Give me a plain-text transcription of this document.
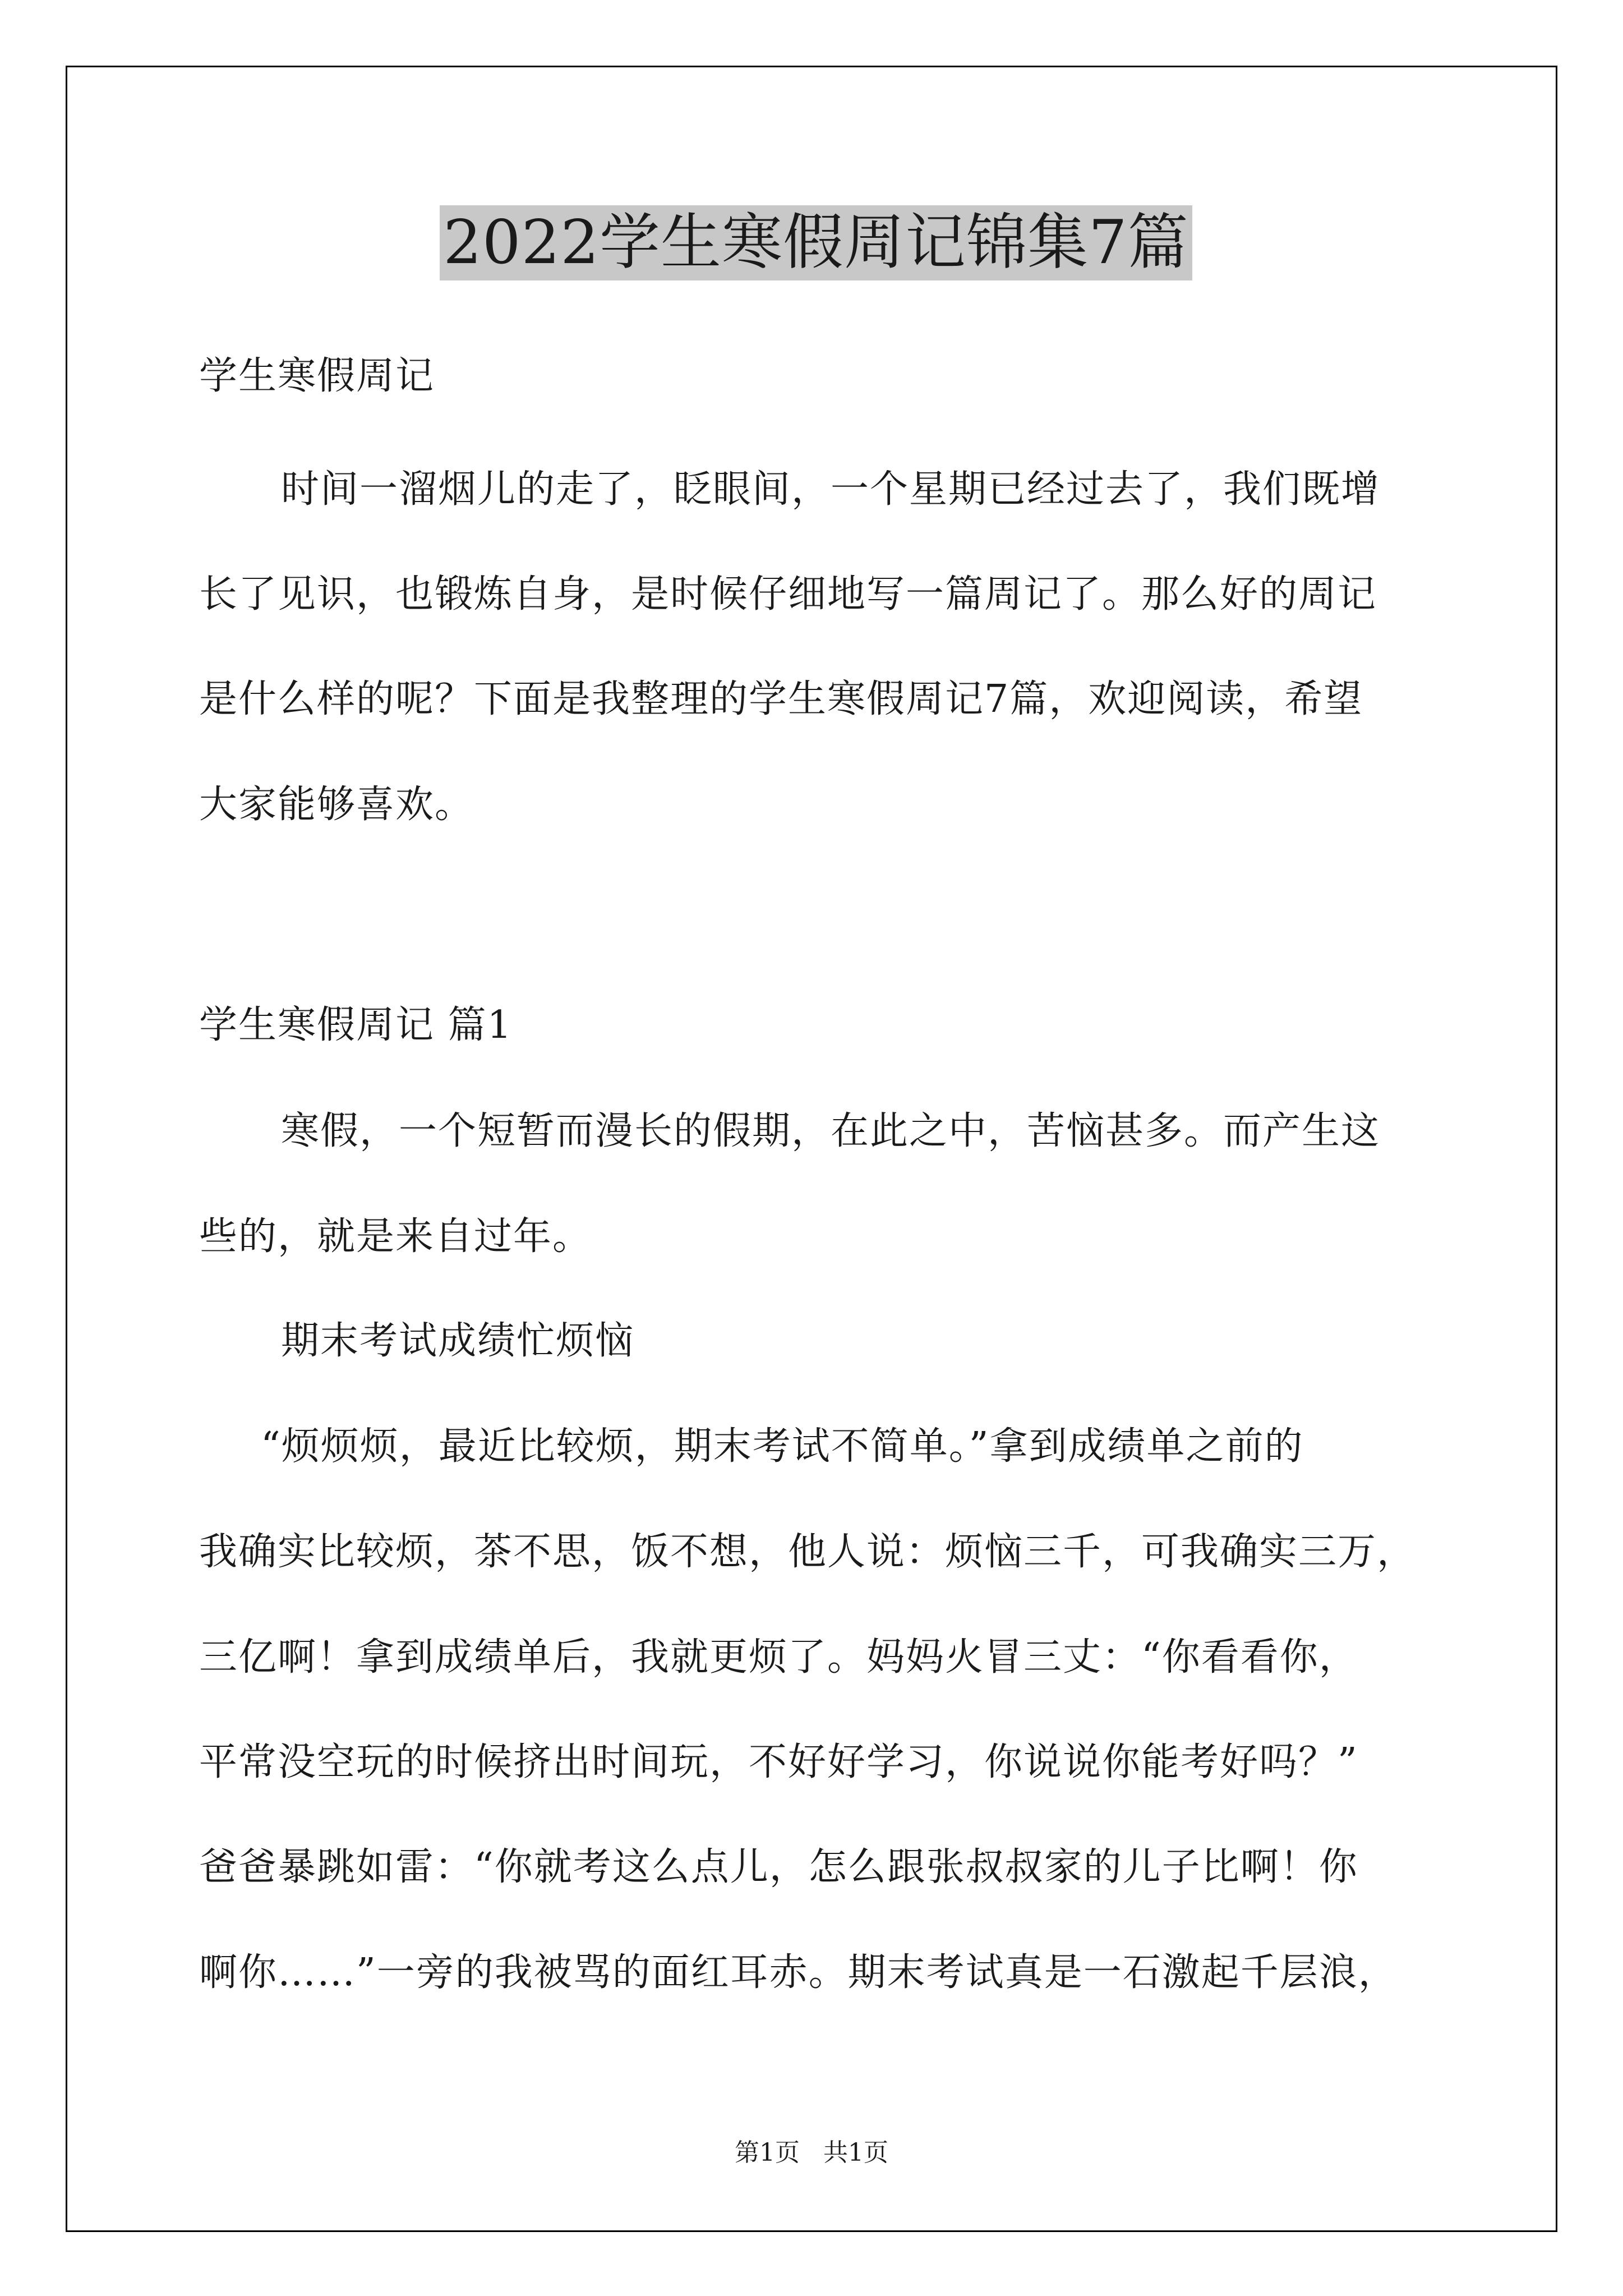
2022学生寒假周记锦集7篇
学生寒假周记
时间一溜烟儿的走了，眨眼间，一个星期已经过去了，我们既增
长了见识，也锻炼自身，是时候仔细地写一篇周记了。那么好的周记
是什么样的呢？下面是我整理的学生寒假周记7篇，欢迎阅读，希望
大家能够喜欢。
学生寒假周记 篇1
寒假，一个短暂而漫长的假期，在此之中，苦恼甚多。而产生这
些的，就是来自过年。
期末考试成绩忙烦恼
“烦烦烦，最近比较烦，期末考试不简单。”拿到成绩单之前的
我确实比较烦，茶不思，饭不想，他人说：烦恼三千，可我确实三万，
三亿啊！拿到成绩单后，我就更烦了。妈妈火冒三丈：“你看看你，
平常没空玩的时候挤出时间玩，不好好学习，你说说你能考好吗？”
爸爸暴跳如雷：“你就考这么点儿，怎么跟张叔叔家的儿子比啊！你
啊你……”一旁的我被骂的面红耳赤。期末考试真是一石激起千层浪，
第1页   共1页
